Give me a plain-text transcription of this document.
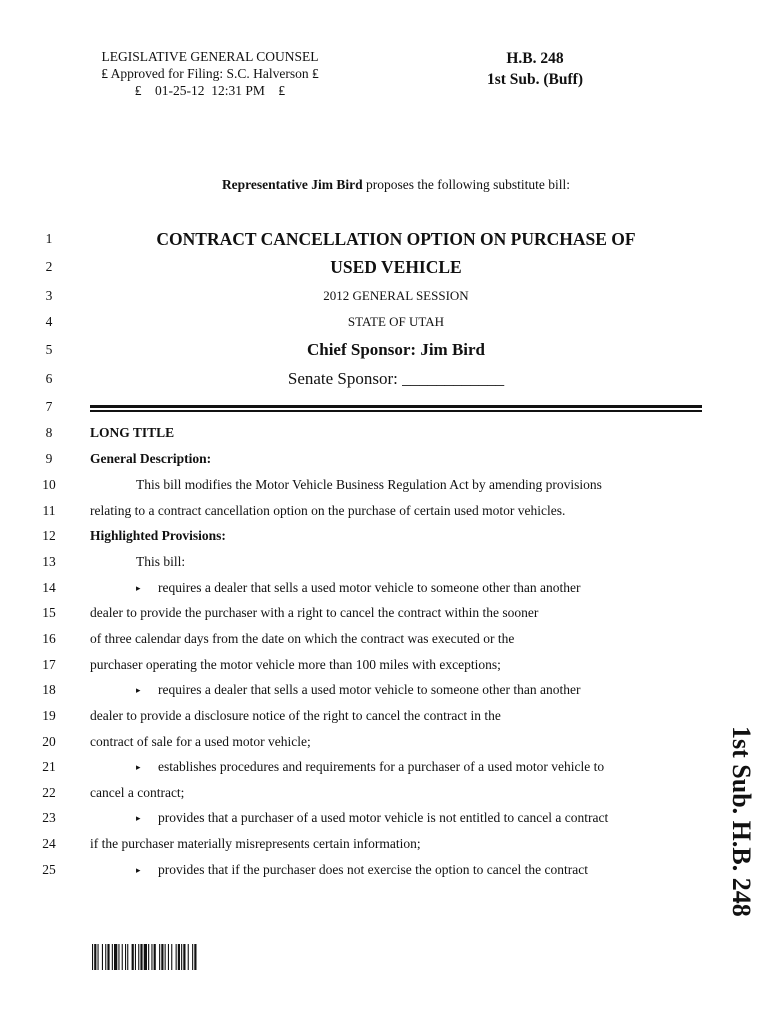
LEGISLATIVE GENERAL COUNSEL
₤ Approved for Filing: S.C. Halverson ₤
₤    01-25-12  12:31 PM    ₤
H.B. 248
1st Sub. (Buff)
Representative Jim Bird proposes the following substitute bill:
1
2
3
4
5
6
7
8
9
10
11
12
13
14
15
16
17
18
19
20
21
22
23
24
25
CONTRACT CANCELLATION OPTION ON PURCHASE OF
USED VEHICLE
2012 GENERAL SESSION
STATE OF UTAH
Chief Sponsor: Jim Bird
Senate Sponsor: ____________
LONG TITLE
General Description:
This bill modifies the Motor Vehicle Business Regulation Act by amending provisions
relating to a contract cancellation option on the purchase of certain used motor vehicles.
Highlighted Provisions:
This bill:
▸ requires a dealer that sells a used motor vehicle to someone other than another
dealer to provide the purchaser with a right to cancel the contract within the sooner
of three calendar days from the date on which the contract was executed or the
purchaser operating the motor vehicle more than 100 miles with exceptions;
▸ requires a dealer that sells a used motor vehicle to someone other than another
dealer to provide a disclosure notice of the right to cancel the contract in the
contract of sale for a used motor vehicle;
▸ establishes procedures and requirements for a purchaser of a used motor vehicle to
cancel a contract;
▸ provides that a purchaser of a used motor vehicle is not entitled to cancel a contract
if the purchaser materially misrepresents certain information;
▸ provides that if the purchaser does not exercise the option to cancel the contract	1st Sub. H.B. 248
